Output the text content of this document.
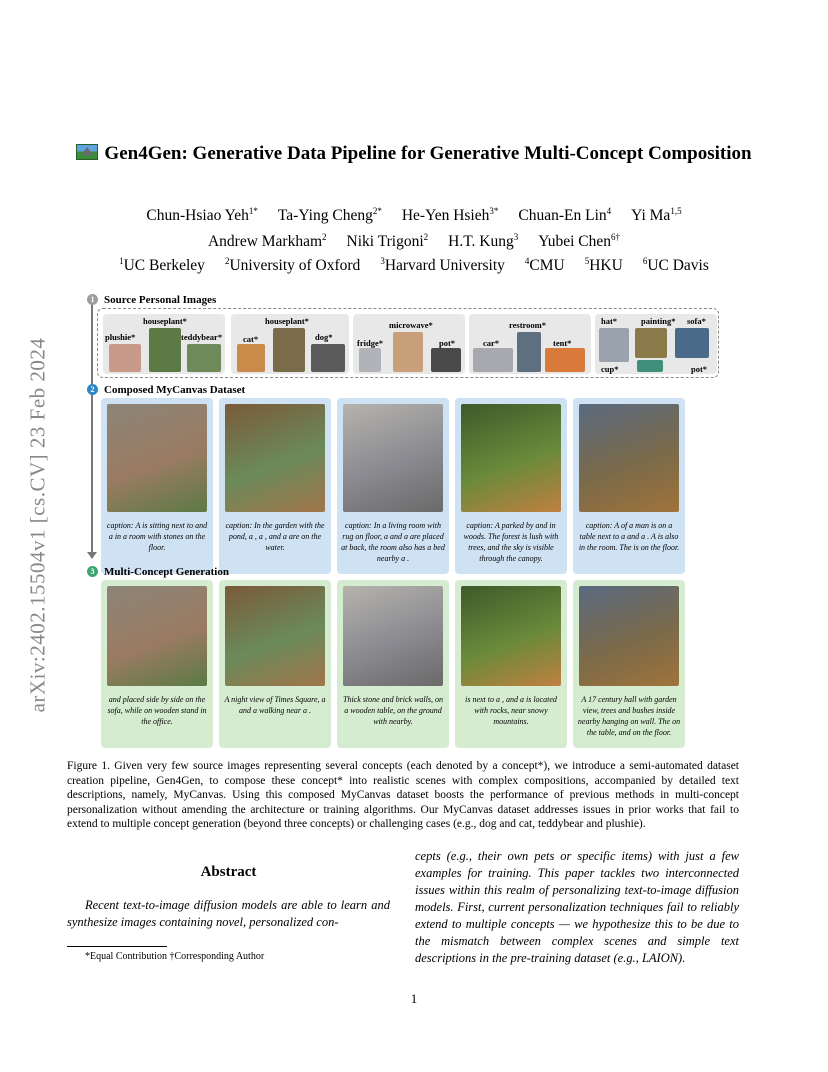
arXiv:2402.15504v1 [cs.CV] 23 Feb 2024
Gen4Gen: Generative Data Pipeline for Generative Multi-Concept Composition
Chun-Hsiao Yeh$^{1*}$ Ta-Ying Cheng$^{2*}$ He-Yen Hsieh$^{3*}$ Chuan-En Lin$^4$ Yi Ma$^{1,5}$
Andrew Markham$^2$ Niki Trigoni$^2$ H.T. Kung$^3$ Yubei Chen$^{6\dagger}$
$^1$UC Berkeley $^2$University of Oxford $^3$Harvard University $^4$CMU $^5$HKU $^6$UC Davis
1 Source Personal Images
plushie*
houseplant*
teddybear* cat*
houseplant*
dog*
fridge*
microwave*
pot*	car*
restroom*
tent*
hat*	painting* sofa*
cup*	pot*
2 Composed MyCanvas Dataset
caption: A is sitting next to and a in a room with stones on the floor.
caption: In the garden with the pond, a , a , and a are on the water.
caption: In a living room with rug on floor, a and a are placed at back, the room also has a bed nearby a .
caption: A parked by and in woods. The forest is lush with trees, and the sky is visible through the canopy.
caption: A of a man is on a table next to a and a . A is also in the room. The is on the floor.
3 Multi-Concept Generation
and placed side by side on the sofa, while on wooden stand in the office.
A night view of Times Square, a and a walking near a .
Thick stone and brick walls, on a wooden table, on the ground with nearby.
is next to a , and a is located with rocks, near snowy mountains.
A 17 century hall with garden view, trees and bushes inside nearby hanging on wall. The on the table, and on the floor.
Figure 1. Given very few source images representing several concepts (each denoted by a concept*), we introduce a semi-automated dataset creation pipeline, Gen4Gen, to compose these concept* into realistic scenes with complex compositions, accompanied by detailed text descriptions, namely, MyCanvas. Using this composed MyCanvas dataset boosts the performance of previous methods in multi-concept personalization without amending the architecture or training algorithms. Our MyCanvas dataset addresses issues in prior works that fail to extend to multiple concept generation (beyond three concepts) or challenging cases (e.g., dog and cat, teddybear and plushie).
Abstract
Recent text-to-image diffusion models are able to learn and synthesize images containing novel, personalized con-
cepts (e.g., their own pets or specific items) with just a few examples for training. This paper tackles two interconnected issues within this realm of personalizing text-to-image diffusion models. First, current personalization techniques fail to reliably extend to multiple concepts — we hypothesize this to be due to the mismatch between complex scenes and simple text descriptions in the pre-training dataset (e.g., LAION).
*Equal Contribution †Corresponding Author
1
